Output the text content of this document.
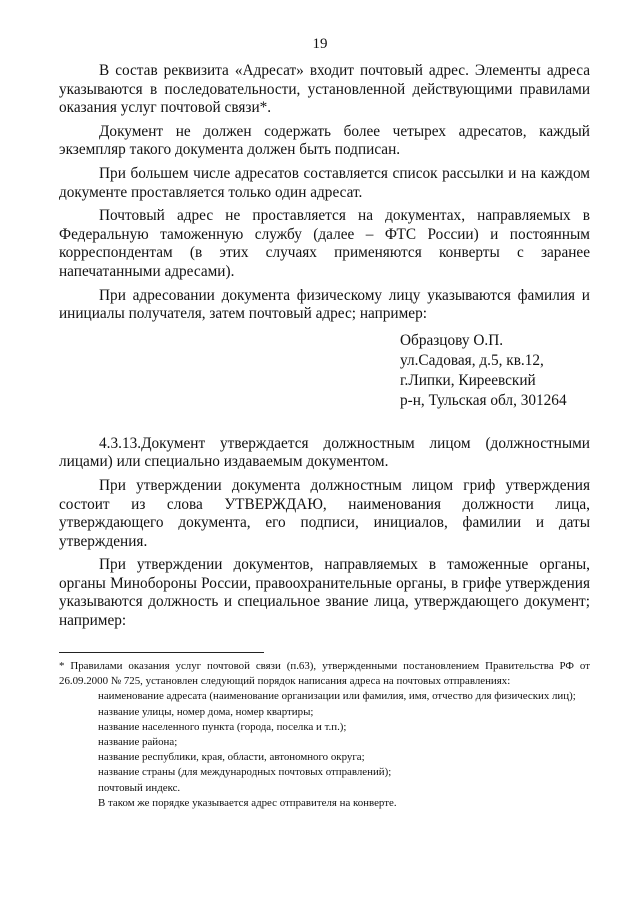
19

В состав реквизита «Адресат» входит почтовый адрес. Элементы адреса указываются в последовательности, установленной действующими правилами оказания услуг почтовой связи*.

Документ не должен содержать более четырех адресатов, каждый экземпляр такого документа должен быть подписан.

При большем числе адресатов составляется список рассылки и на каждом документе проставляется только один адресат.

Почтовый адрес не проставляется на документах, направляемых в Федеральную таможенную службу (далее – ФТС России) и постоянным корреспондентам (в этих случаях применяются конверты с заранее напечатанными адресами).

При адресовании документа физическому лицу указываются фамилия и инициалы получателя, затем почтовый адрес; например:

Образцову О.П.
ул.Садовая, д.5, кв.12,
г.Липки, Киреевский
р-н, Тульская обл, 301264

4.3.13.Документ утверждается должностным лицом (должностными лицами) или специально издаваемым документом.

При утверждении документа должностным лицом гриф утверждения состоит из слова УТВЕРЖДАЮ, наименования должности лица, утверждающего документа, его подписи, инициалов, фамилии и даты утверждения.

При утверждении документов, направляемых в таможенные органы, органы Минобороны России, правоохранительные органы, в грифе утверждения указываются должность и специальное звание лица, утверждающего документ; например:

* Правилами оказания услуг почтовой связи (п.63), утвержденными постановлением Правительства РФ от 26.09.2000 № 725, установлен следующий порядок написания адреса на почтовых отправлениях:

наименование адресата (наименование организации или фамилия, имя, отчество для физических лиц);

название улицы, номер дома, номер квартиры;

название населенного пункта (города, поселка и т.п.);

название района;

название республики, края, области, автономного округа;

название страны (для международных почтовых отправлений);

почтовый индекс.

В таком же порядке указывается адрес отправителя на конверте.
